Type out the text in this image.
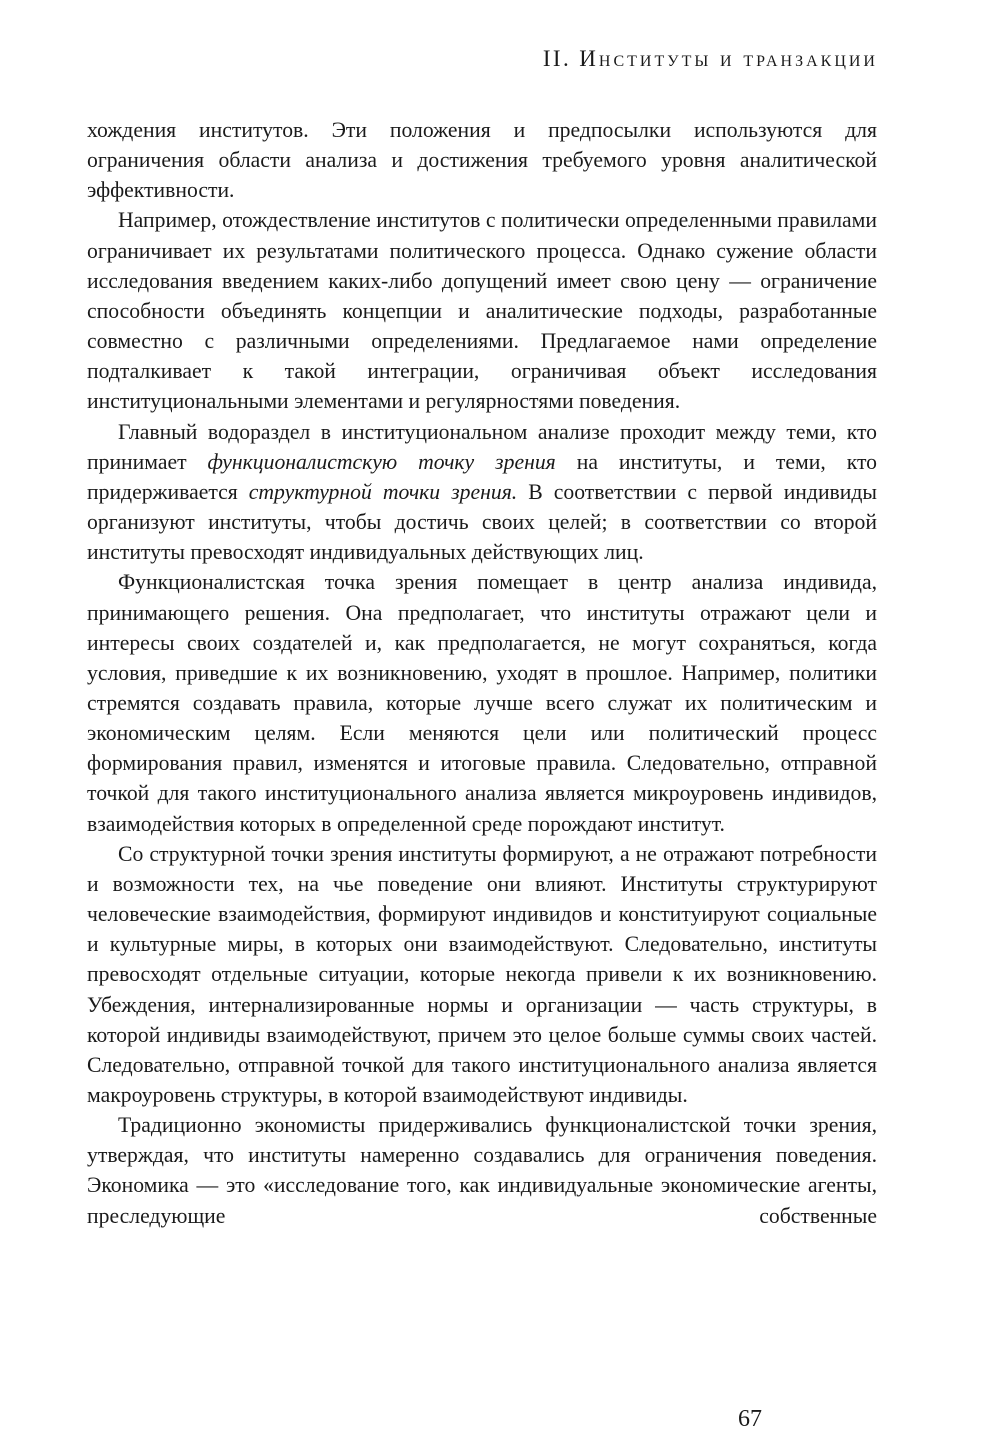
II. Институты и транзакции

хождения институтов. Эти положения и предпосылки используются для ограничения области анализа и достижения требуемого уровня аналитической эффективности.

Например, отождествление институтов с политически определенными правилами ограничивает их результатами политического процесса. Однако сужение области исследования введением каких-либо допущений имеет свою цену — ограничение способности объединять концепции и аналитические подходы, разработанные совместно с различными определениями. Предлагаемое нами определение подталкивает к такой интеграции, ограничивая объект исследования институциональными элементами и регулярностями поведения.

Главный водораздел в институциональном анализе проходит между теми, кто принимает функционалистскую точку зрения на институты, и теми, кто придерживается структурной точки зрения. В соответствии с первой индивиды организуют институты, чтобы достичь своих целей; в соответствии со второй институты превосходят индивидуальных действующих лиц.

Функционалистская точка зрения помещает в центр анализа индивида, принимающего решения. Она предполагает, что институты отражают цели и интересы своих создателей и, как предполагается, не могут сохраняться, когда условия, приведшие к их возникновению, уходят в прошлое. Например, политики стремятся создавать правила, которые лучше всего служат их политическим и экономическим целям. Если меняются цели или политический процесс формирования правил, изменятся и итоговые правила. Следовательно, отправной точкой для такого институционального анализа является микроуровень индивидов, взаимодействия которых в определенной среде порождают институт.

Со структурной точки зрения институты формируют, а не отражают потребности и возможности тех, на чье поведение они влияют. Институты структурируют человеческие взаимодействия, формируют индивидов и конституируют социальные и культурные миры, в которых они взаимодействуют. Следовательно, институты превосходят отдельные ситуации, которые некогда привели к их возникновению. Убеждения, интернализированные нормы и организации — часть структуры, в которой индивиды взаимодействуют, причем это целое больше суммы своих частей. Следовательно, отправной точкой для такого институционального анализа является макроуровень структуры, в которой взаимодействуют индивиды.

Традиционно экономисты придерживались функционалистской точки зрения, утверждая, что институты намеренно создавались для ограничения поведения. Экономика — это «исследование того, как индивидуальные экономические агенты, преследующие собственные

67
